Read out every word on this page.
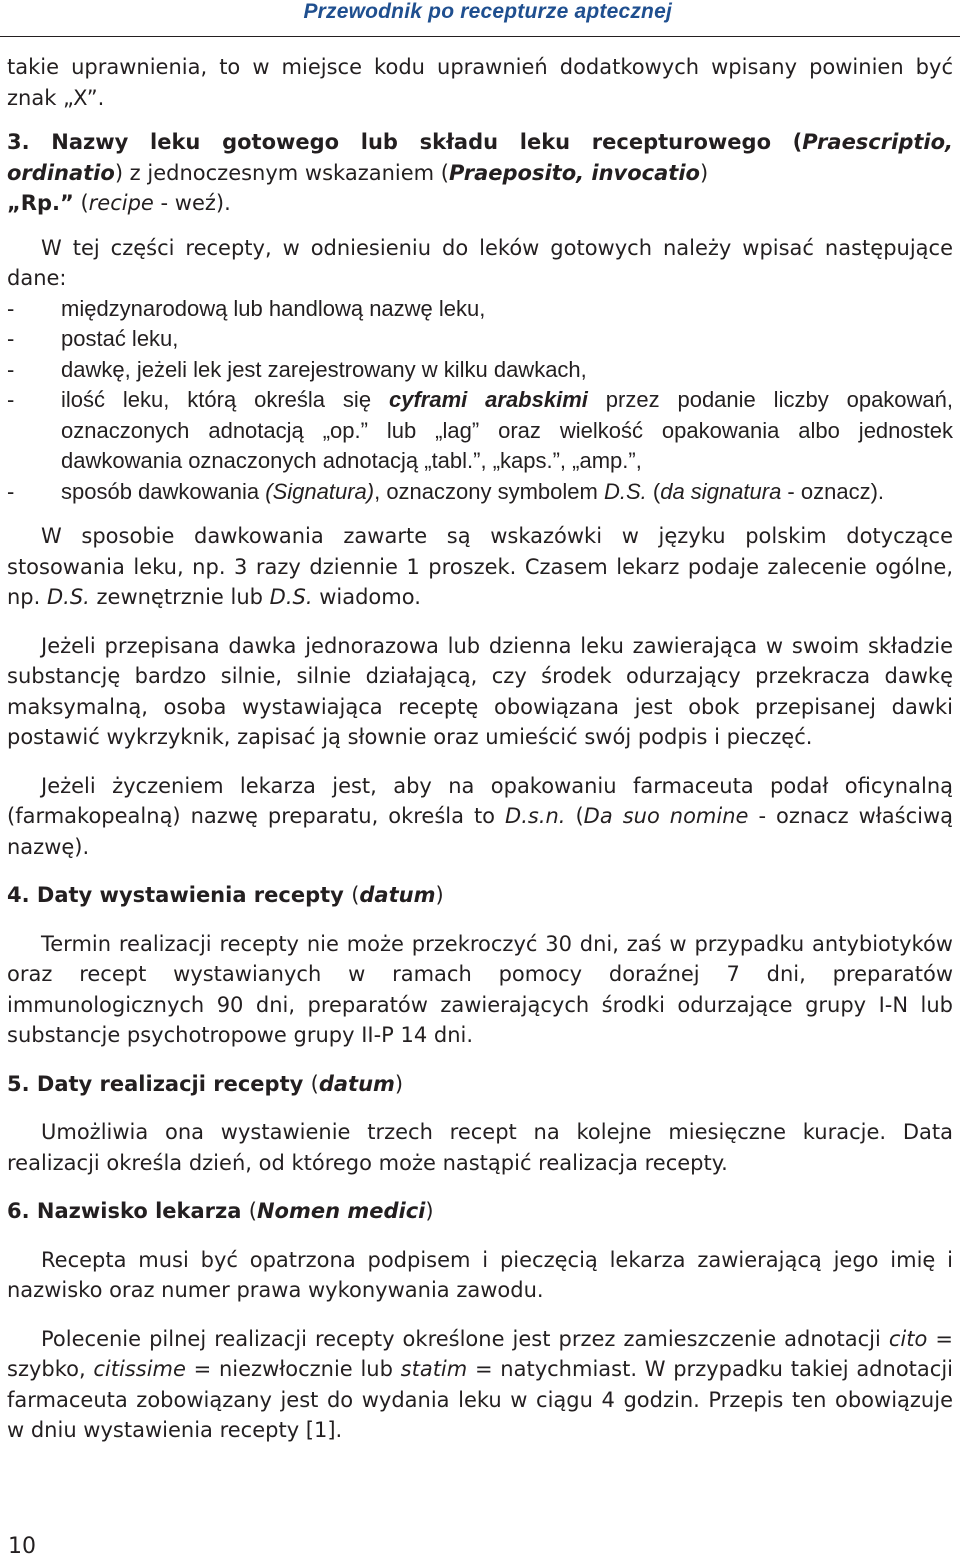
Przewodnik po recepturze aptecznej

takie uprawnienia, to w miejsce kodu uprawnień dodatkowych wpisany powinien być znak „X”.

3. Nazwy leku gotowego lub składu leku recepturowego (Praescriptio, ordinatio) z jednoczesnym wskazaniem (Praeposito, invocatio)
„Rp.” (recipe - weź).

W tej części recepty, w odniesieniu do leków gotowych należy wpisać następujące dane:

- międzynarodową lub handlową nazwę leku,
- postać leku,
- dawkę, jeżeli lek jest zarejestrowany w kilku dawkach,
- ilość leku, którą określa się cyframi arabskimi przez podanie liczby opakowań, oznaczonych adnotacją „op.” lub „lag” oraz wielkość opakowania albo jednostek dawkowania oznaczonych adnotacją „tabl.”, „kaps.”, „amp.”,
- sposób dawkowania (Signatura), oznaczony symbolem D.S. (da signatura - oznacz).

W sposobie dawkowania zawarte są wskazówki w języku polskim dotyczące stosowania leku, np. 3 razy dziennie 1 proszek. Czasem lekarz podaje zalecenie ogólne, np. D.S. zewnętrznie lub D.S. wiadomo.

Jeżeli przepisana dawka jednorazowa lub dzienna leku zawierająca w swoim składzie substancję bardzo silnie, silnie działającą, czy środek odurzający przekracza dawkę maksymalną, osoba wystawiająca receptę obowiązana jest obok przepisanej dawki postawić wykrzyknik, zapisać ją słownie oraz umieścić swój podpis i pieczęć.

Jeżeli życzeniem lekarza jest, aby na opakowaniu farmaceuta podał oficynalną (farmakopealną) nazwę preparatu, określa to D.s.n. (Da suo nomine - oznacz właściwą nazwę).

4. Daty wystawienia recepty (datum)

Termin realizacji recepty nie może przekroczyć 30 dni, zaś w przypadku antybiotyków oraz recept wystawianych w ramach pomocy doraźnej 7 dni, preparatów immunologicznych 90 dni, preparatów zawierających środki odurzające grupy I-N lub substancje psychotropowe grupy II-P 14 dni.

5. Daty realizacji recepty (datum)

Umożliwia ona wystawienie trzech recept na kolejne miesięczne kuracje. Data realizacji określa dzień, od którego może nastąpić realizacja recepty.

6. Nazwisko lekarza (Nomen medici)

Recepta musi być opatrzona podpisem i pieczęcią lekarza zawierającą jego imię i nazwisko oraz numer prawa wykonywania zawodu.

Polecenie pilnej realizacji recepty określone jest przez zamieszczenie adnotacji cito = szybko, citissime = niezwłocznie lub statim = natychmiast. W przypadku takiej adnotacji farmaceuta zobowiązany jest do wydania leku w ciągu 4 godzin. Przepis ten obowiązuje w dniu wystawienia recepty [1].

10
